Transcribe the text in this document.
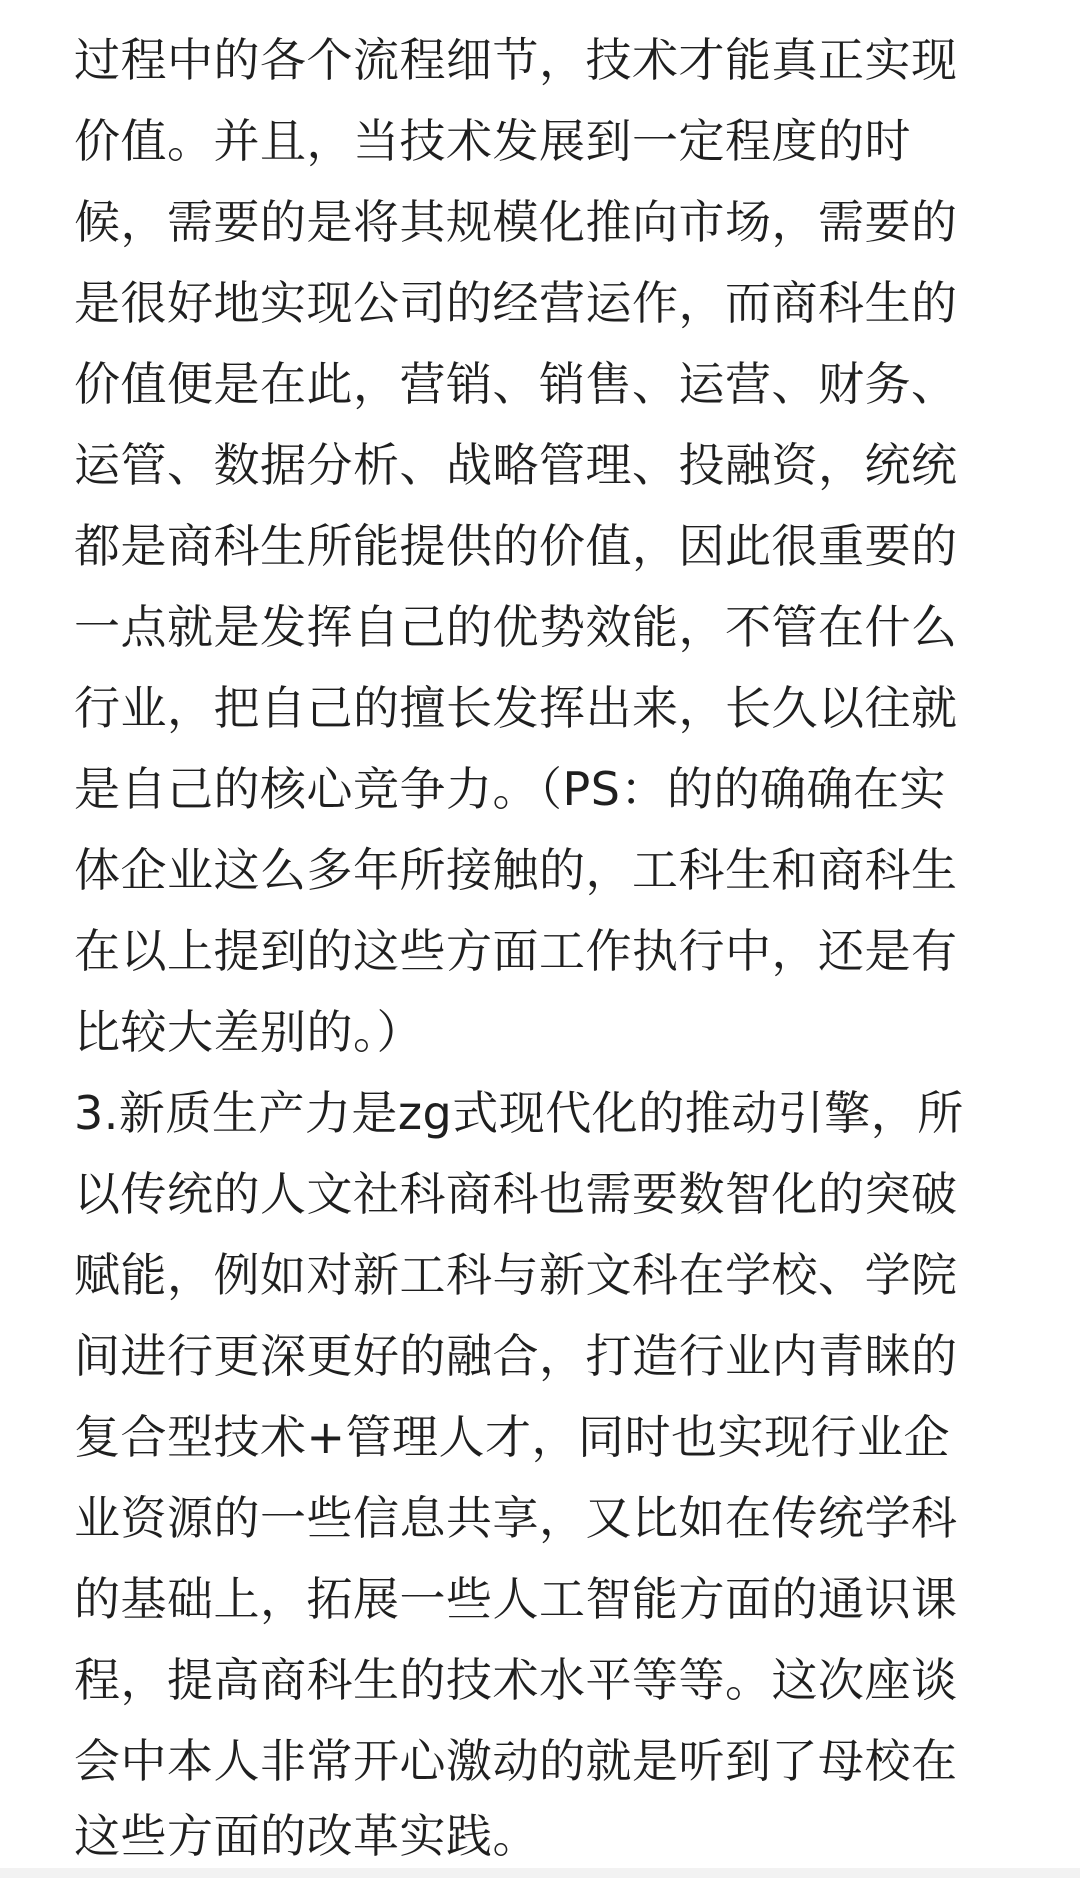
过程中的各个流程细节，技术才能真正实现
价值。并且，当技术发展到一定程度的时
候，需要的是将其规模化推向市场，需要的
是很好地实现公司的经营运作，而商科生的
价值便是在此，营销、销售、运营、财务、
运管、数据分析、战略管理、投融资，统统
都是商科生所能提供的价值，因此很重要的
一点就是发挥自己的优势效能，不管在什么
行业，把自己的擅长发挥出来，长久以往就
是自己的核心竞争力。（PS：的的确确在实
体企业这么多年所接触的，工科生和商科生
在以上提到的这些方面工作执行中，还是有
比较大差别的。）
3.新质生产力是zg式现代化的推动引擎，所
以传统的人文社科商科也需要数智化的突破
赋能，例如对新工科与新文科在学校、学院
间进行更深更好的融合，打造行业内青睐的
复合型技术+管理人才，同时也实现行业企
业资源的一些信息共享，又比如在传统学科
的基础上，拓展一些人工智能方面的通识课
程，提高商科生的技术水平等等。这次座谈
会中本人非常开心激动的就是听到了母校在
这些方面的改革实践。
